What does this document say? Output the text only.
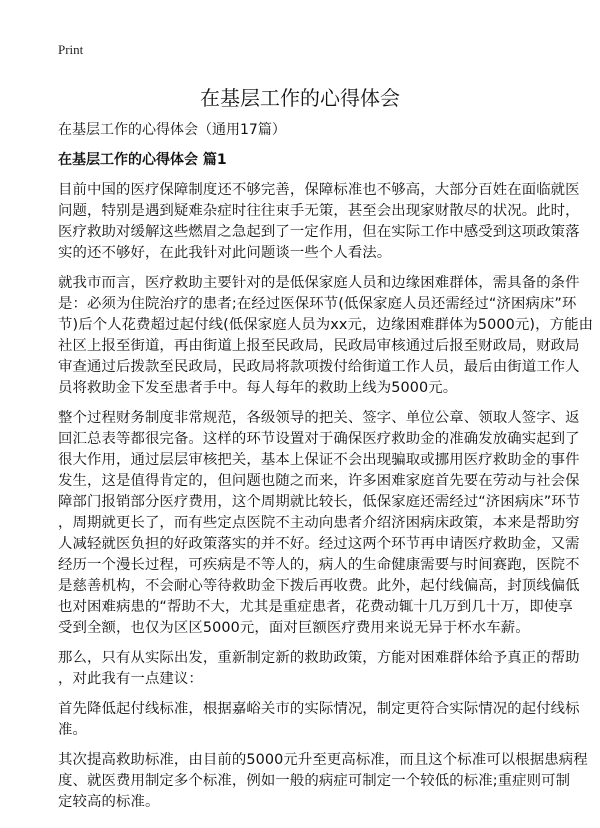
Print
在基层工作的心得体会
在基层工作的心得体会（通用17篇）
在基层工作的心得体会 篇1
目前中国的医疗保障制度还不够完善，保障标准也不够高，大部分百姓在面临就医
问题，特别是遇到疑难杂症时往往束手无策，甚至会出现家财散尽的状况。此时，
医疗救助对缓解这些燃眉之急起到了一定作用，但在实际工作中感受到这项政策落
实的还不够好，在此我针对此问题谈一些个人看法。
就我市而言，医疗救助主要针对的是低保家庭人员和边缘困难群体，需具备的条件
是：必须为住院治疗的患者;在经过医保环节(低保家庭人员还需经过“济困病床”环
节)后个人花费超过起付线(低保家庭人员为xx元，边缘困难群体为5000元)，方能由
社区上报至街道，再由街道上报至民政局，民政局审核通过后报至财政局，财政局
审查通过后拨款至民政局，民政局将款项拨付给街道工作人员，最后由街道工作人
员将救助金下发至患者手中。每人每年的救助上线为5000元。
整个过程财务制度非常规范，各级领导的把关、签字、单位公章、领取人签字、返
回汇总表等都很完备。这样的环节设置对于确保医疗救助金的准确发放确实起到了
很大作用，通过层层审核把关，基本上保证不会出现骗取或挪用医疗救助金的事件
发生，这是值得肯定的，但问题也随之而来，许多困难家庭首先要在劳动与社会保
障部门报销部分医疗费用，这个周期就比较长，低保家庭还需经过“济困病床”环节
，周期就更长了，而有些定点医院不主动向患者介绍济困病床政策，本来是帮助穷
人减轻就医负担的好政策落实的并不好。经过这两个环节再申请医疗救助金，又需
经历一个漫长过程，可疾病是不等人的，病人的生命健康需要与时间赛跑，医院不
是慈善机构，不会耐心等待救助金下拨后再收费。此外，起付线偏高，封顶线偏低
也对困难病患的“帮助不大，尤其是重症患者，花费动辄十几万到几十万，即使享
受到全额，也仅为区区5000元，面对巨额医疗费用来说无异于杯水车薪。
那么，只有从实际出发，重新制定新的救助政策，方能对困难群体给予真正的帮助
，对此我有一点建议：
首先降低起付线标准，根据嘉峪关市的实际情况，制定更符合实际情况的起付线标
准。
其次提高救助标准，由目前的5000元升至更高标准，而且这个标准可以根据患病程
度、就医费用制定多个标准，例如一般的病症可制定一个较低的标准;重症则可制
定较高的标准。
